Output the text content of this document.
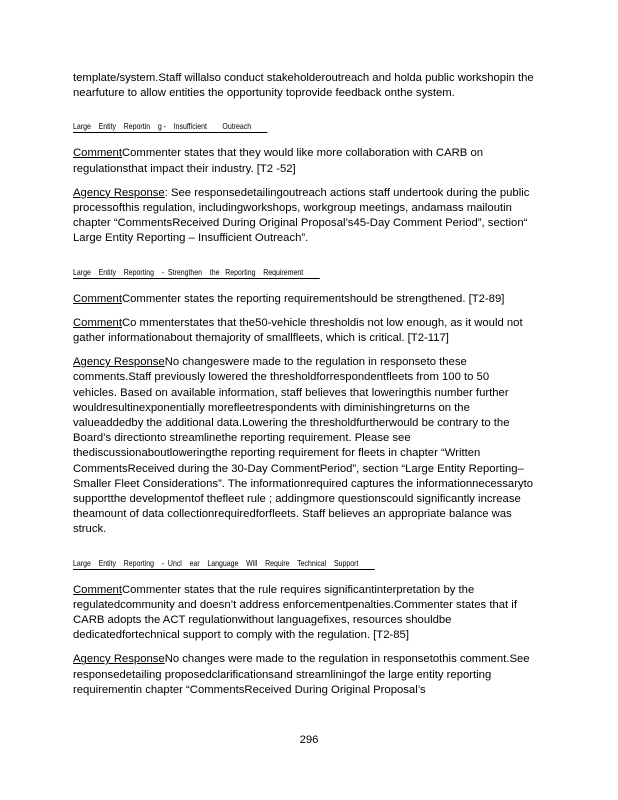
template/system.Staff willalso conduct stakeholderoutreach and holda public workshopin the nearfuture to allow entities the opportunity toprovide feedback onthe system.

Large    Entity    Reportin    g -    Insufficient        Outreach

CommentCommenter states that they would like more collaboration with CARB on regulationsthat impact their industry. [T2 -52]

Agency Response: See responsedetailingoutreach actions staff undertook during the public processofthis regulation, includingworkshops, workgroup meetings, andamass mailoutin chapter “CommentsReceived During Original Proposal’s45-Day Comment Period”, section“ Large Entity Reporting – Insufficient Outreach”.

Large    Entity    Reporting    -  Strengthen    the   Reporting    Requirement

CommentCommenter states the reporting requirementshould be strengthened. [T2-89]

CommentCo mmenterstates that the50-vehicle thresholdis not low enough, as it would not gather informationabout themajority of smallfleets, which is critical. [T2-117]

Agency ResponseNo changeswere made to the regulation in responseto these comments.Staff previously lowered the thresholdforrespondentfleets from 100 to 50 vehicles. Based on available information, staff believes that loweringthis number further wouldresultinexponentially morefleetrespondents with diminishingreturns on the valueaddedby the additional data.Lowering the thresholdfurtherwould be contrary to the Board’s directionto streamlinethe reporting requirement. Please see thediscussionaboutloweringthe reporting requirement for fleets in chapter “Written CommentsReceived during the 30-Day CommentPeriod”, section “Large Entity Reporting– Smaller Fleet Considerations”. The informationrequired captures the informationnecessaryto supportthe developmentof thefleet rule ; addingmore questionscould significantly increase theamount of data collectionrequiredforfleets. Staff believes an appropriate balance was struck.

Large    Entity    Reporting    -  Uncl    ear    Language    Will    Require    Technical    Support

CommentCommenter states that the rule requires significantinterpretation by the regulatedcommunity and doesn’t address enforcementpenalties.Commenter states that if CARB adopts the ACT regulationwithout languagefixes, resources shouldbe dedicatedfortechnical support to comply with the regulation. [T2-85]

Agency ResponseNo changes were made to the regulation in responsetothis comment.See responsedetailing proposedclarificationsand streamliningof the large entity reporting requirementin chapter “CommentsReceived During Original Proposal’s

296
